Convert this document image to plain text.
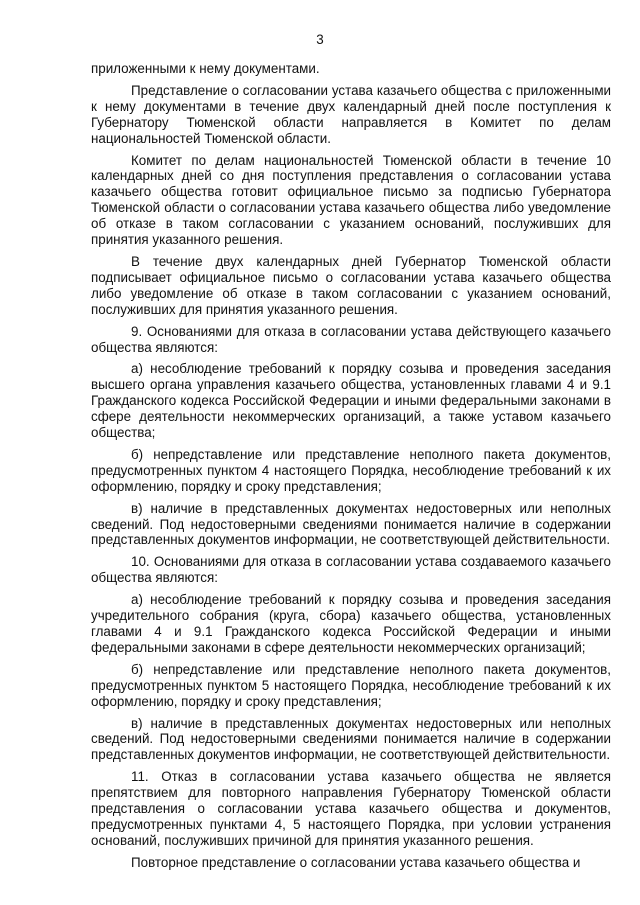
3

приложенными к нему документами.

Представление о согласовании устава казачьего общества с приложенными к нему документами в течение двух календарный дней после поступления к Губернатору Тюменской области направляется в Комитет по делам национальностей Тюменской области.

Комитет по делам национальностей Тюменской области в течение 10 календарных дней со дня поступления представления о согласовании устава казачьего общества готовит официальное письмо за подписью Губернатора Тюменской области о согласовании устава казачьего общества либо уведомление об отказе в таком согласовании с указанием оснований, послуживших для принятия указанного решения.

В течение двух календарных дней Губернатор Тюменской области подписывает официальное письмо о согласовании устава казачьего общества либо уведомление об отказе в таком согласовании с указанием оснований, послуживших для принятия указанного решения.

9. Основаниями для отказа в согласовании устава действующего казачьего общества являются:

а) несоблюдение требований к порядку созыва и проведения заседания высшего органа управления казачьего общества, установленных главами 4 и 9.1 Гражданского кодекса Российской Федерации и иными федеральными законами в сфере деятельности некоммерческих организаций, а также уставом казачьего общества;

б) непредставление или представление неполного пакета документов, предусмотренных пунктом 4 настоящего Порядка, несоблюдение требований к их оформлению, порядку и сроку представления;

в) наличие в представленных документах недостоверных или неполных сведений. Под недостоверными сведениями понимается наличие в содержании представленных документов информации, не соответствующей действительности.

10. Основаниями для отказа в согласовании устава создаваемого казачьего общества являются:

а) несоблюдение требований к порядку созыва и проведения заседания учредительного собрания (круга, сбора) казачьего общества, установленных главами 4 и 9.1 Гражданского кодекса Российской Федерации и иными федеральными законами в сфере деятельности некоммерческих организаций;

б) непредставление или представление неполного пакета документов, предусмотренных пунктом 5 настоящего Порядка, несоблюдение требований к их оформлению, порядку и сроку представления;

в) наличие в представленных документах недостоверных или неполных сведений. Под недостоверными сведениями понимается наличие в содержании представленных документов информации, не соответствующей действительности.

11. Отказ в согласовании устава казачьего общества не является препятствием для повторного направления Губернатору Тюменской области представления о согласовании устава казачьего общества и документов, предусмотренных пунктами 4, 5 настоящего Порядка, при условии устранения оснований, послуживших причиной для принятия указанного решения.

Повторное представление о согласовании устава казачьего общества и
